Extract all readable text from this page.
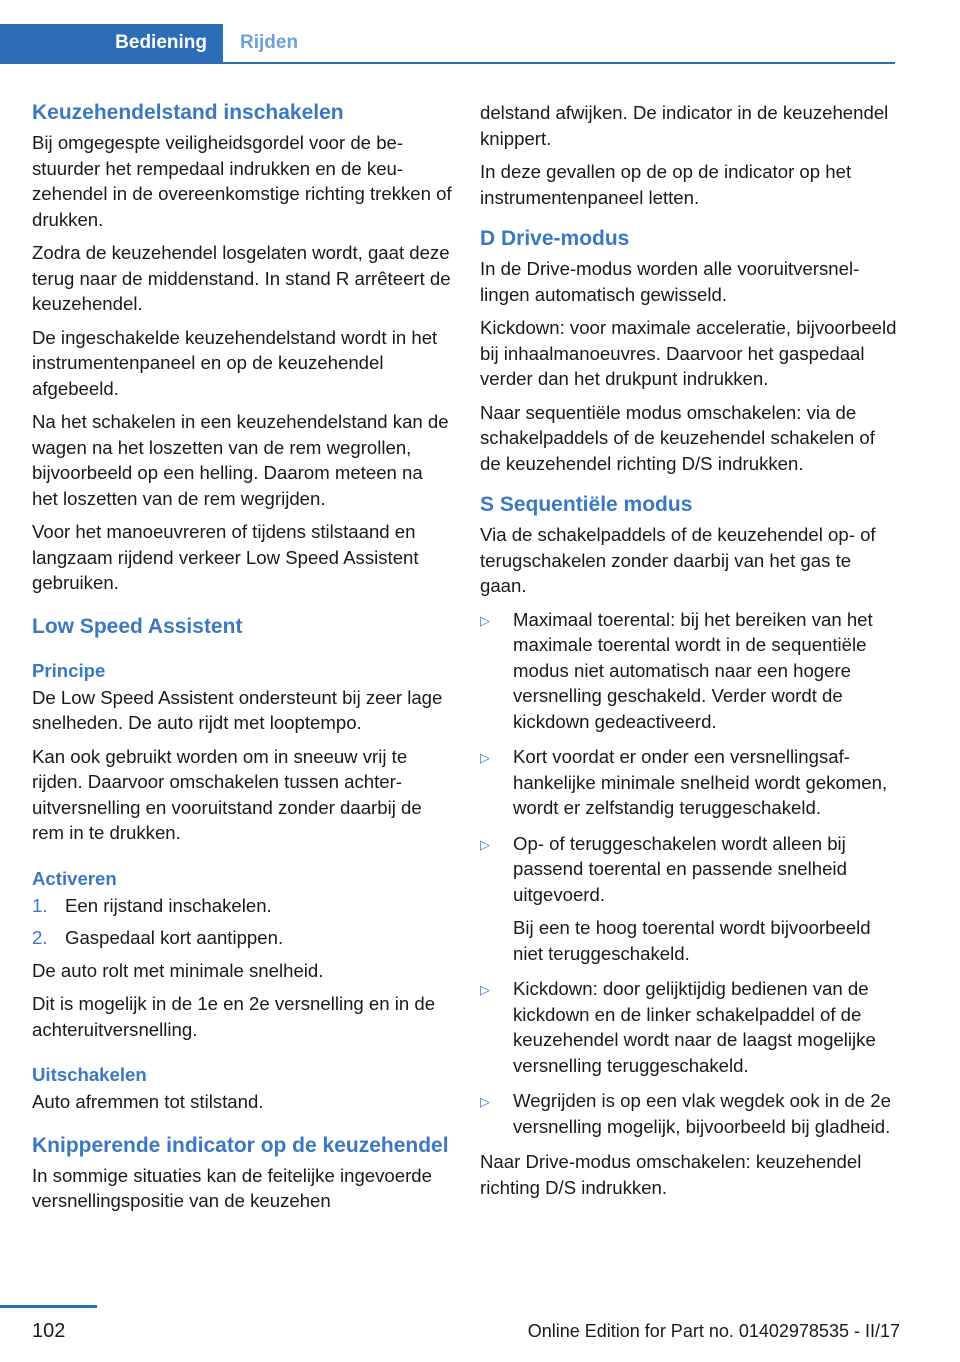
Bediening Rijden
Keuzehendelstand inschakelen

Bij omgegespte veiligheidsgordel voor de bestuurder het rempedaal indrukken en de keuzehendel in de overeenkomstige richting trekken of drukken.

Zodra de keuzehendel losgelaten wordt, gaat deze terug naar de middenstand. In stand R arrêteert de keuzehendel.

De ingeschakelde keuzehendelstand wordt in het instrumentenpaneel en op de keuzehendel afgebeeld.

Na het schakelen in een keuzehendelstand kan de wagen na het loszetten van de rem wegrollen, bijvoorbeeld op een helling. Daarom meteen na het loszetten van de rem wegrijden.

Voor het manoeuvreren of tijdens stilstaand en langzaam rijdend verkeer Low Speed Assistent gebruiken.

Low Speed Assistent
Principe

De Low Speed Assistent ondersteunt bij zeer lage snelheden. De auto rijdt met looptempo.

Kan ook gebruikt worden om in sneeuw vrij te rijden. Daarvoor omschakelen tussen achteruitversnelling en vooruitstand zonder daarbij de rem in te drukken.

Activeren
1. Een rijstand inschakelen.
2. Gaspedaal kort aantippen.

De auto rolt met minimale snelheid.

Dit is mogelijk in de 1e en 2e versnelling en in de achteruitversnelling.

Uitschakelen

Auto afremmen tot stilstand.

Knipperende indicator op de keuzehendel

In sommige situaties kan de feitelijke ingevoerde versnellingspositie van de keuzehen

delstand afwijken. De indicator in de keuzehendel knippert.

In deze gevallen op de op de indicator op het instrumentenpaneel letten.

D Drive-modus

In de Drive-modus worden alle vooruitversnellingen automatisch gewisseld.

Kickdown: voor maximale acceleratie, bijvoorbeeld bij inhaalmanoeuvres. Daarvoor het gaspedaal verder dan het drukpunt indrukken.

Naar sequentiële modus omschakelen: via de schakelpaddels of de keuzehendel schakelen of de keuzehendel richting D/S indrukken.

S Sequentiële modus

Via de schakelpaddels of de keuzehendel op- of terugschakelen zonder daarbij van het gas te gaan.

▷	Maximaal toerental: bij het bereiken van het maximale toerental wordt in de sequentiële modus niet automatisch naar een hogere versnelling geschakeld. Verder wordt de kickdown gedeactiveerd.

▷	Kort voordat er onder een versnellingsafhankelijke minimale snelheid wordt gekomen, wordt er zelfstandig teruggeschakeld.

▷	Op- of teruggeschakelen wordt alleen bij passend toerental en passende snelheid uitgevoerd.

Bij een te hoog toerental wordt bijvoorbeeld niet teruggeschakeld.

▷	Kickdown: door gelijktijdig bedienen van de kickdown en de linker schakelpaddel of de keuzehendel wordt naar de laagst mogelijke versnelling teruggeschakeld.

▷	Wegrijden is op een vlak wegdek ook in de 2e versnelling mogelijk, bijvoorbeeld bij gladheid.

Naar Drive-modus omschakelen: keuzehendel richting D/S indrukken.

102	Online Edition for Part no. 01402978535 - II/17
